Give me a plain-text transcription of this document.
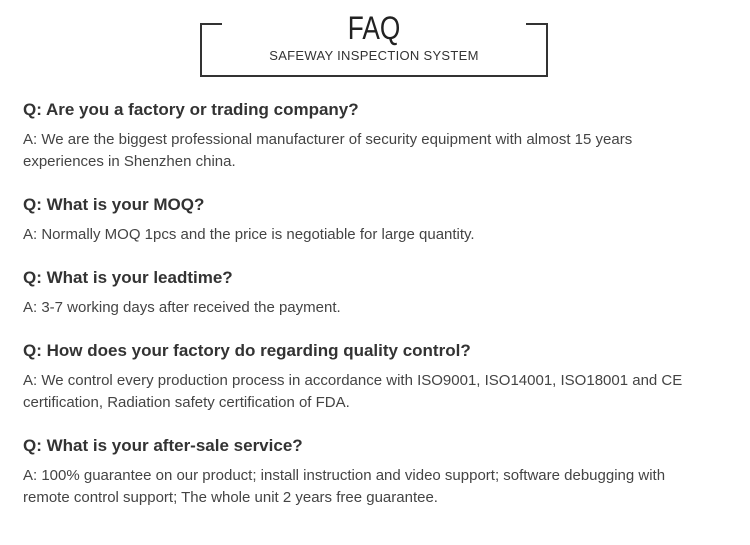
FAQ
SAFEWAY INSPECTION SYSTEM

Q: Are you a factory or trading company?

A: We are the biggest professional manufacturer of security equipment with almost 15 years experiences in Shenzhen china.

Q: What is your MOQ?

A: Normally MOQ 1pcs and the price is negotiable for large quantity.

Q: What is your leadtime?

A: 3-7 working days after received the payment.

Q: How does your factory do regarding quality control?

A: We control every production process in accordance with ISO9001, ISO14001, ISO18001 and CE certification, Radiation safety certification of FDA.

Q: What is your after-sale service?

A: 100% guarantee on our product; install instruction and video support; software debugging with remote control support; The whole unit 2 years free guarantee.
